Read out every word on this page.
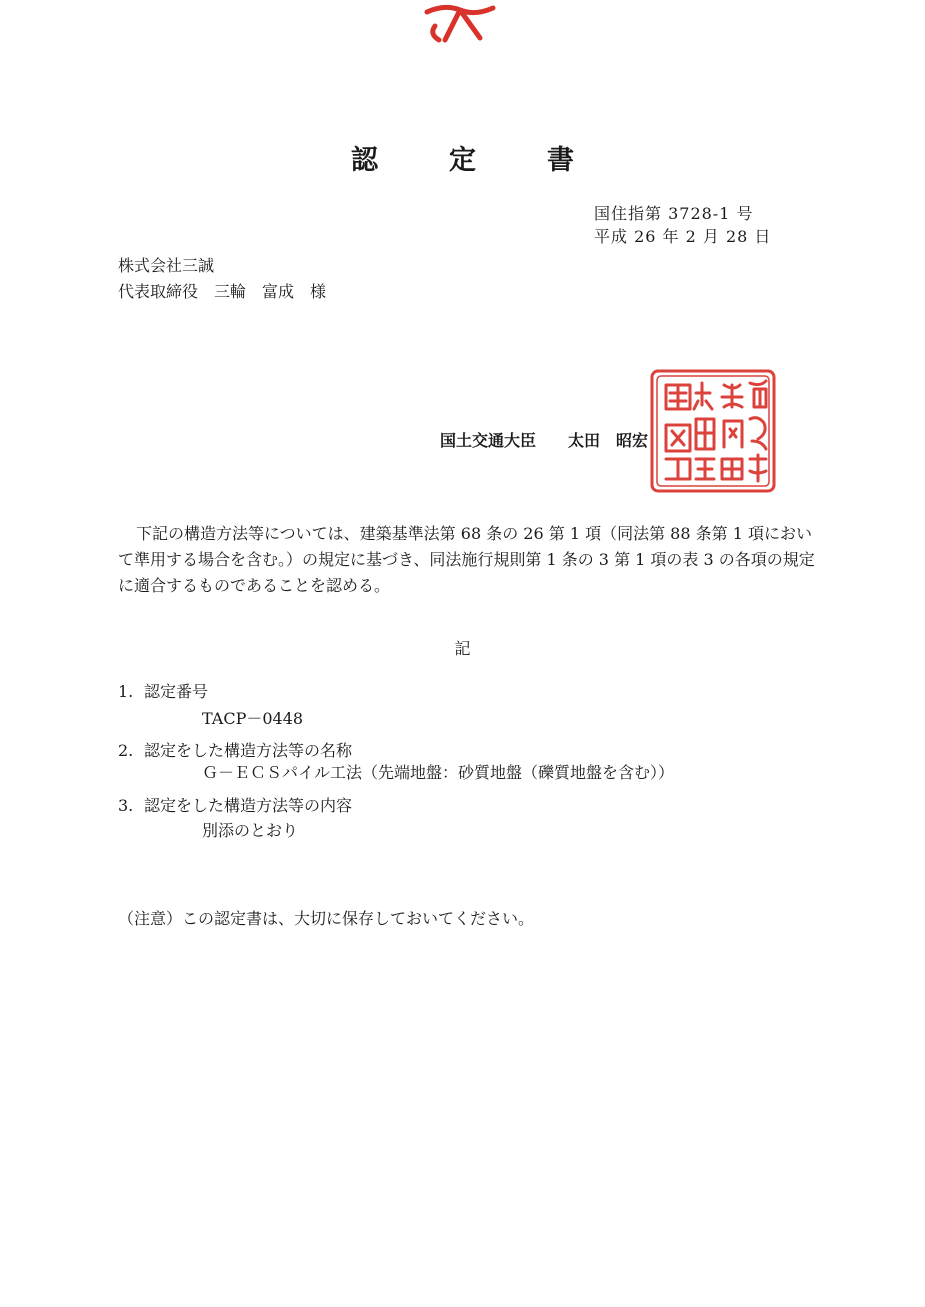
認　定　書
国住指第 3728-1 号
平成 26 年 2 月 28 日
株式会社三誠
代表取締役　三輪　富成　様
国土交通大臣 太田　昭宏
下記の構造方法等については、建築基準法第 68 条の 26 第 1 項（同法第 88 条第 1 項において準用する場合を含む。）の規定に基づき、同法施行規則第 1 条の 3 第 1 項の表 3 の各項の規定に適合するものであることを認める。
記
1. 認定番号
TACP－0448
2. 認定をした構造方法等の名称
Ｇ－ＥＣＳパイル工法（先端地盤：砂質地盤（礫質地盤を含む））
3. 認定をした構造方法等の内容
別添のとおり
（注意）この認定書は、大切に保存しておいてください。
